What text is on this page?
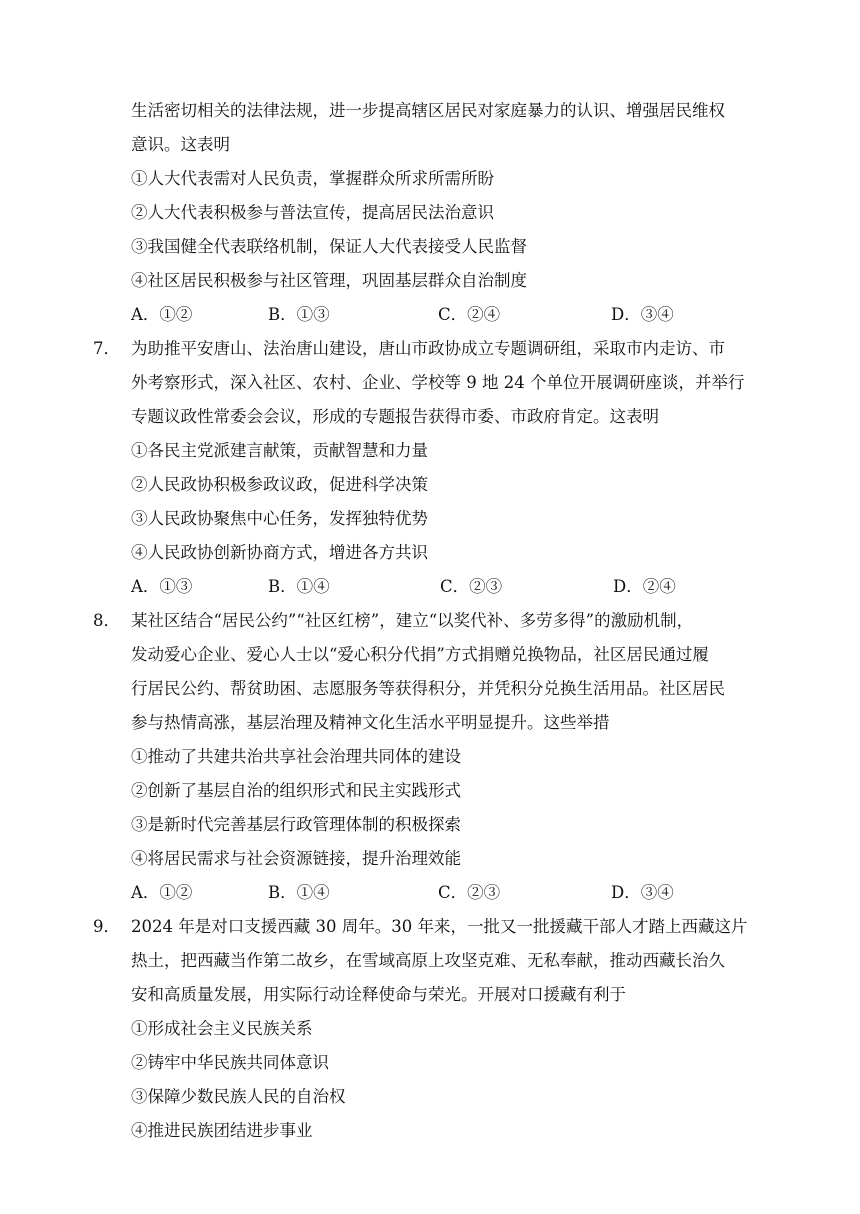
生活密切相关的法律法规，进一步提高辖区居民对家庭暴力的认识、增强居民维权
意识。这表明
①人大代表需对人民负责，掌握群众所求所需所盼
②人大代表积极参与普法宣传，提高居民法治意识
③我国健全代表联络机制，保证人大代表接受人民监督
④社区居民积极参与社区管理，巩固基层群众自治制度
A．①②	B．①③	C．②④	D．③④
7． 为助推平安唐山、法治唐山建设，唐山市政协成立专题调研组，采取市内走访、市
外考察形式，深入社区、农村、企业、学校等 9 地 24 个单位开展调研座谈，并举行
专题议政性常委会会议，形成的专题报告获得市委、市政府肯定。这表明
①各民主党派建言献策，贡献智慧和力量
②人民政协积极参政议政，促进科学决策
③人民政协聚焦中心任务，发挥独特优势
④人民政协创新协商方式，增进各方共识
A．①③	B．①④	C．②③	D．②④
8． 某社区结合“居民公约”“社区红榜”，建立“以奖代补、多劳多得”的激励机制，
发动爱心企业、爱心人士以“爱心积分代捐”方式捐赠兑换物品，社区居民通过履
行居民公约、帮贫助困、志愿服务等获得积分，并凭积分兑换生活用品。社区居民
参与热情高涨，基层治理及精神文化生活水平明显提升。这些举措
①推动了共建共治共享社会治理共同体的建设
②创新了基层自治的组织形式和民主实践形式
③是新时代完善基层行政管理体制的积极探索
④将居民需求与社会资源链接，提升治理效能
A．①②	B．①④	C．②③	D．③④
9． 2024 年是对口支援西藏 30 周年。30 年来，一批又一批援藏干部人才踏上西藏这片
热土，把西藏当作第二故乡，在雪域高原上攻坚克难、无私奉献，推动西藏长治久
安和高质量发展，用实际行动诠释使命与荣光。开展对口援藏有利于
①形成社会主义民族关系
②铸牢中华民族共同体意识
③保障少数民族人民的自治权
④推进民族团结进步事业
